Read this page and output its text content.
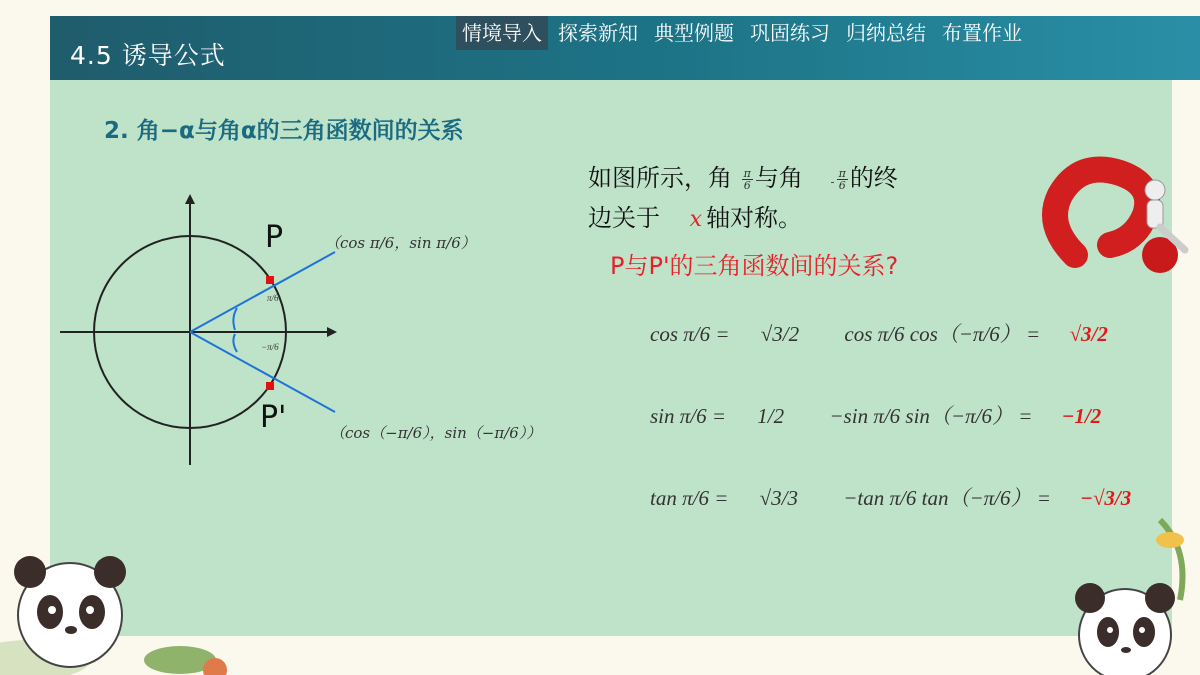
4.5 诱导公式
情境导入 探索新知 典型例题 巩固练习 归纳总结 布置作业
2. 角−α与角α的三角函数间的关系
π/6
−π/6
P
P'
（cos π/6，sin π/6）
（cos（−π/6），sin（−π/6））
如图所示，角 $\frac{\pi}{6}$ 与角 - $\frac{\pi}{6}$ 的终
边关于 x 轴对称。
P与P'的三角函数间的关系?
cos π/6 = √3/2 cos π/6 cos（−π/6） = √3/2
sin π/6 = 1/2 −sin π/6 sin（−π/6） = −1/2
tan π/6 = √3/3 −tan π/6 tan（−π/6） = −√3/3
